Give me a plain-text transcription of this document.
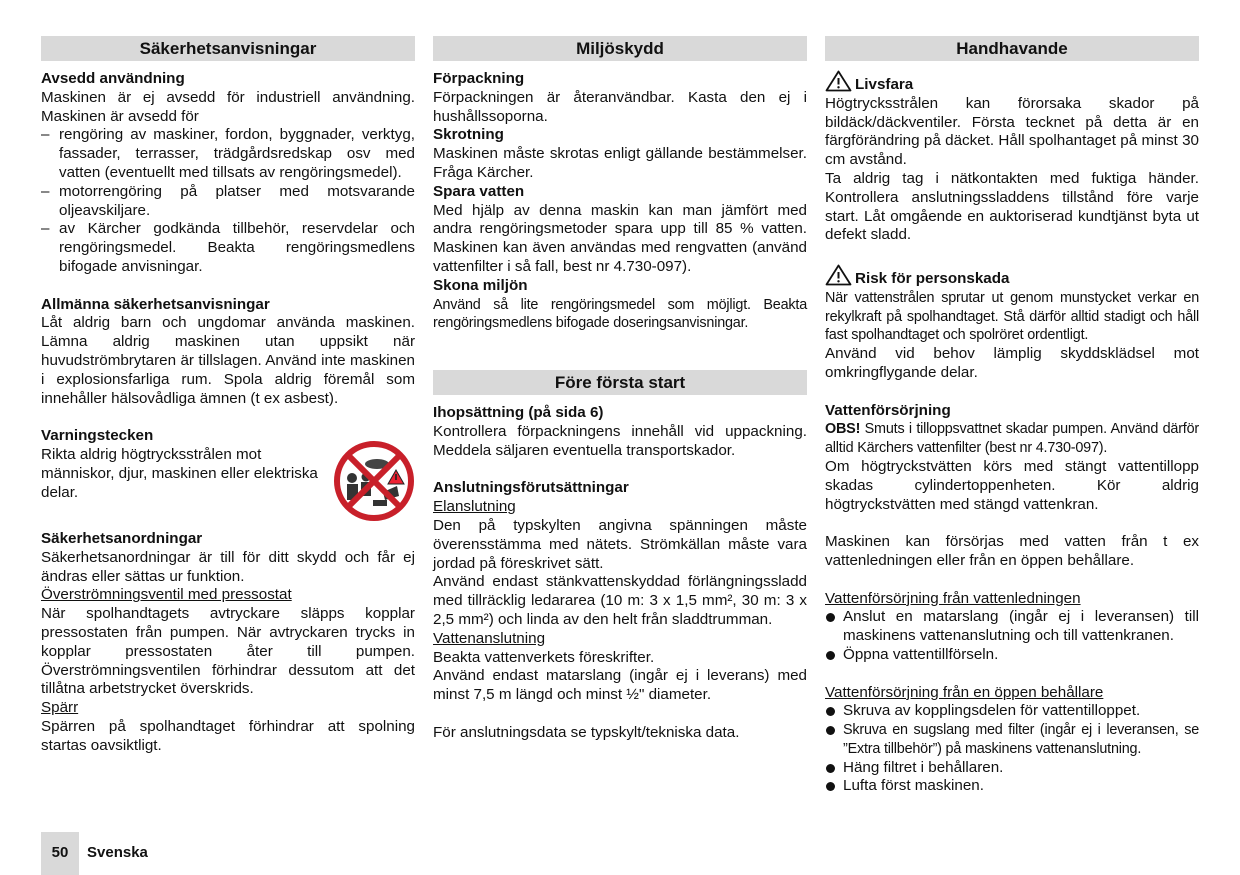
Säkerhetsanvisningar
Avsedd användning

Maskinen är ej avsedd för industriell användning. Maskinen är avsedd för

– rengöring av maskiner, fordon, byggnader, verktyg, fassader, terrasser, trädgårdsredskap osv med vatten (eventuellt med tillsats av rengöringsmedel).
– motorrengöring på platser med motsvarande oljeavskiljare.
– av Kärcher godkända tillbehör, reservdelar och rengöringsmedel. Beakta rengöringsmedlens bifogade anvisningar.
Allmänna säkerhetsanvisningar

Låt aldrig barn och ungdomar använda maskinen. Lämna aldrig maskinen utan uppsikt när huvudströmbrytaren är tillslagen. Använd inte maskinen i explosionsfarliga rum. Spola aldrig föremål som innehåller hälsovådliga ämnen (t ex asbest).

Varningstecken

Rikta aldrig högtrycksstrålen mot människor, djur, maskinen eller elektriska delar.

Säkerhetsanordningar

Säkerhetsanordningar är till för ditt skydd och får ej ändras eller sättas ur funktion.

Överströmningsventil med pressostat

När spolhandtagets avtryckare släpps kopplar pressostaten från pumpen. När avtryckaren trycks in kopplar pressostaten åter till pumpen. Överströmningsventilen förhindrar dessutom att det tillåtna arbetstrycket överskrids.

Spärr

Spärren på spolhandtaget förhindrar att spolning startas oavsiktligt.

Miljöskydd
Förpackning

Förpackningen är återanvändbar. Kasta den ej i hushållssoporna.

Skrotning

Maskinen måste skrotas enligt gällande bestämmelser. Fråga Kärcher.

Spara vatten

Med hjälp av denna maskin kan man jämfört med andra rengöringsmetoder spara upp till 85 % vatten. Maskinen kan även användas med rengvatten (använd vattenfilter i så fall, best nr 4.730-097).

Skona miljön

Använd så lite rengöringsmedel som möjligt. Beakta rengöringsmedlens bifogade doseringsanvisningar.

Före första start
Ihopsättning (på sida 6)

Kontrollera förpackningens innehåll vid uppackning. Meddela säljaren eventuella transportskador.

Anslutningsförutsättningar
Elanslutning

Den på typskylten angivna spänningen måste överensstämma med nätets. Strömkällan måste vara jordad på föreskrivet sätt.

Använd endast stänkvattenskyddad förlängningssladd med tillräcklig ledararea (10 m: 3 x 1,5 mm², 30 m: 3 x 2,5 mm²) och linda av den helt från sladdtrumman.

Vattenanslutning

Beakta vattenverkets föreskrifter.

Använd endast matarslang (ingår ej i leverans) med minst 7,5 m längd och minst ½" diameter.

För anslutningsdata se typskylt/tekniska data.

Handhavande
Livsfara

Högtrycksstrålen kan förorsaka skador på bildäck/däckventiler. Första tecknet på detta är en färgförändring på däcket. Håll spolhantaget på minst 30 cm avstånd.

Ta aldrig tag i nätkontakten med fuktiga händer. Kontrollera anslutningssladdens tillstånd före varje start. Låt omgående en auktoriserad kundtjänst byta ut defekt sladd.

Risk för personskada

När vattenstrålen sprutar ut genom munstycket verkar en rekylkraft på spolhandtaget. Stå därför alltid stadigt och håll fast spolhandtaget och spolröret ordentligt.

Använd vid behov lämplig skyddsklädsel mot omkringflygande delar.

Vattenförsörjning

OBS! Smuts i tilloppsvattnet skadar pumpen. Använd därför alltid Kärchers vattenfilter (best nr 4.730-097).

Om högtryckstvätten körs med stängt vattentillopp skadas cylindertoppenheten. Kör aldrig högtryckstvätten med stängd vattenkran.

Maskinen kan försörjas med vatten från t ex vattenledningen eller från en öppen behållare.

Vattenförsörjning från vattenledningen
Anslut en matarslang (ingår ej i leveransen) till maskinens vattenanslutning och till vattenkranen.
Öppna vattentillförseln.
Vattenförsörjning från en öppen behållare
Skruva av kopplingsdelen för vattentilloppet.
Skruva en sugslang med filter (ingår ej i leveransen, se ”Extra tillbehör”) på maskinens vattenanslutning.
Häng filtret i behållaren.
Lufta först maskinen.
50	Svenska
